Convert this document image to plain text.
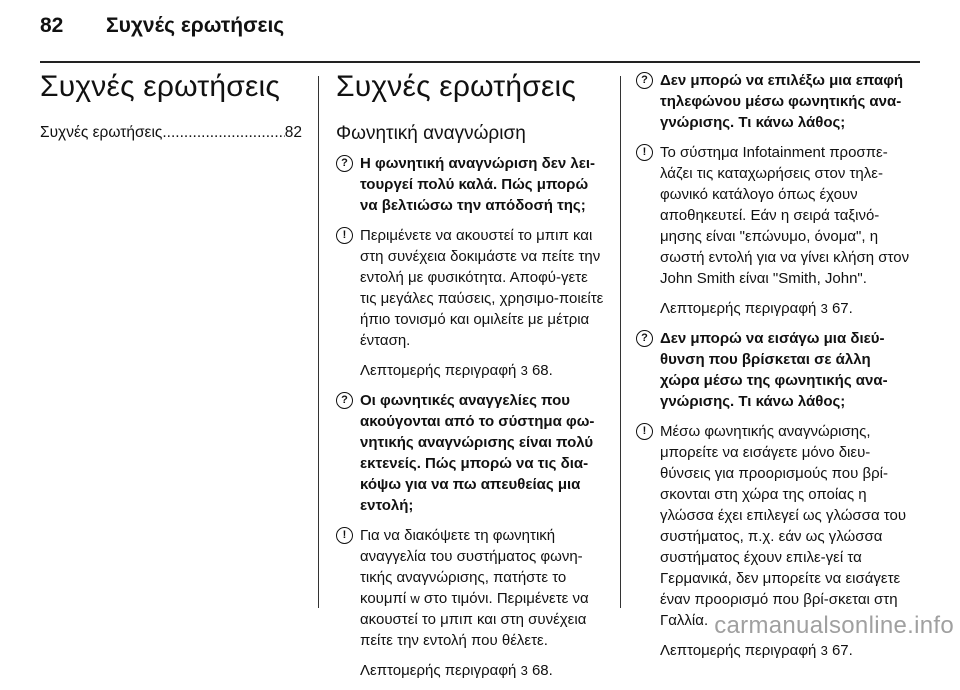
82 Συχνές ερωτήσεις
Συχνές ερωτήσεις
Συχνές ερωτήσεις
.....	82
Συχνές ερωτήσεις
Φωνητική αναγνώριση
? Η φωνητική αναγνώριση δεν λει-τουργεί πολύ καλά. Πώς μπορώ να βελτιώσω την απόδοσή της;
! Περιμένετε να ακουστεί το μπιπ και στη συνέχεια δοκιμάστε να πείτε την εντολή με φυσικότητα. Αποφύ-γετε τις μεγάλες παύσεις, χρησιμο-ποιείτε ήπιο τονισμό και ομιλείτε με μέτρια ένταση.
Λεπτομερής περιγραφή 3 68.
? Οι φωνητικές αναγγελίες που ακούγονται από το σύστημα φω-νητικής αναγνώρισης είναι πολύ εκτενείς. Πώς μπορώ να τις δια-κόψω για να πω απευθείας μια εντολή;
! Για να διακόψετε τη φωνητική αναγγελία του συστήματος φωνη-τικής αναγνώρισης, πατήστε το κουμπί w στο τιμόνι. Περιμένετε να ακουστεί το μπιπ και στη συνέχεια πείτε την εντολή που θέλετε.
Λεπτομερής περιγραφή 3 68.
? Δεν μπορώ να επιλέξω μια επαφή τηλεφώνου μέσω φωνητικής ανα-γνώρισης. Τι κάνω λάθος;
! Το σύστημα Infotainment προσπε-λάζει τις καταχωρήσεις στον τηλε-φωνικό κατάλογο όπως έχουν αποθηκευτεί. Εάν η σειρά ταξινό-μησης είναι "επώνυμο, όνομα", η σωστή εντολή για να γίνει κλήση στον John Smith είναι "Smith, John".
Λεπτομερής περιγραφή 3 67.
? Δεν μπορώ να εισάγω μια διεύ-θυνση που βρίσκεται σε άλλη χώρα μέσω της φωνητικής ανα-γνώρισης. Τι κάνω λάθος;
! Μέσω φωνητικής αναγνώρισης, μπορείτε να εισάγετε μόνο διευ-θύνσεις για προορισμούς που βρί-σκονται στη χώρα της οποίας η γλώσσα έχει επιλεγεί ως γλώσσα του συστήματος, π.χ. εάν ως γλώσσα συστήματος έχουν επιλε-γεί τα Γερμανικά, δεν μπορείτε να εισάγετε έναν προορισμό που βρί-σκεται στη Γαλλία.
Λεπτομερής περιγραφή 3 67.
carmanualsonline.info
